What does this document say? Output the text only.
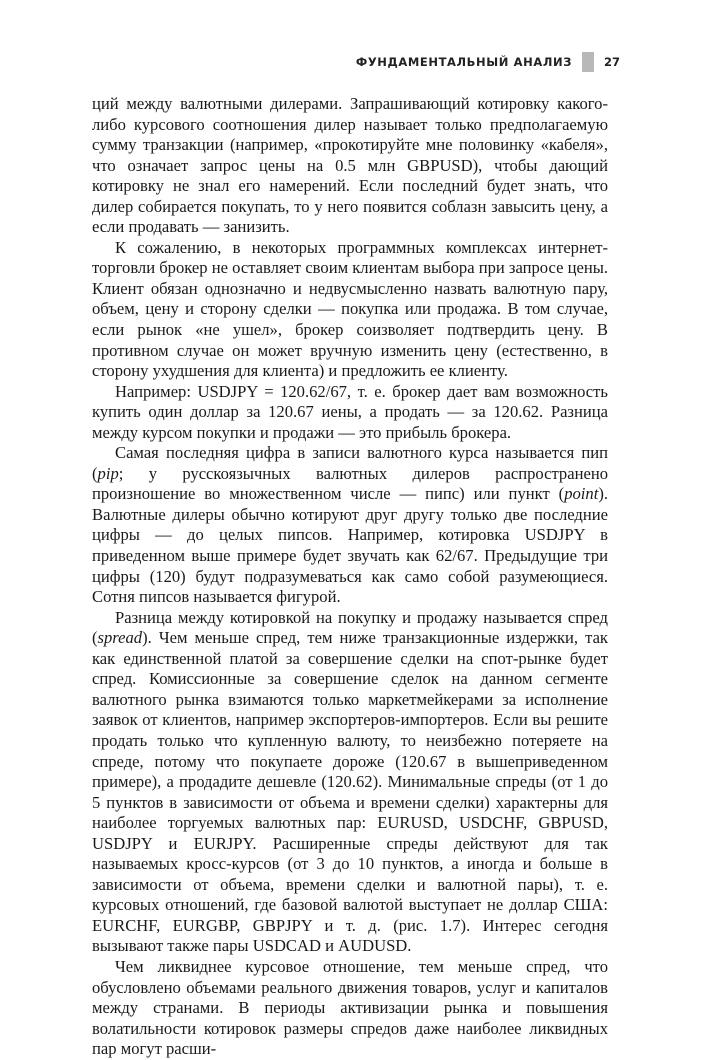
ФУНДАМЕНТАЛЬНЫЙ АНАЛИЗ	27

ций между валютными дилерами. Запрашивающий котировку какого-либо курсового соотношения дилер называет только предполагаемую сумму транзакции (например, «прокотируйте мне половинку «кабеля», что означает запрос цены на 0.5 млн GBPUSD), чтобы дающий котировку не знал его намерений. Если последний будет знать, что дилер собирается покупать, то у него появится соблазн завысить цену, а если продавать — занизить.

К сожалению, в некоторых программных комплексах интернет-торговли брокер не оставляет своим клиентам выбора при запросе цены. Клиент обязан однозначно и недвусмысленно назвать валютную пару, объем, цену и сторону сделки — покупка или продажа. В том случае, если рынок «не ушел», брокер соизволяет подтвердить цену. В противном случае он может вручную изменить цену (естественно, в сторону ухудшения для клиента) и предложить ее клиенту.

Например: USDJPY = 120.62/67, т. е. брокер дает вам возможность купить один доллар за 120.67 иены, а продать — за 120.62. Разница между курсом покупки и продажи — это прибыль брокера.

Самая последняя цифра в записи валютного курса называется пип (pip; у русскоязычных валютных дилеров распространено произношение во множественном числе — пипс) или пункт (point). Валютные дилеры обычно котируют друг другу только две последние цифры — до целых пипсов. Например, котировка USDJPY в приведенном выше примере будет звучать как 62/67. Предыдущие три цифры (120) будут подразумеваться как само собой разумеющиеся. Сотня пипсов называется фигурой.

Разница между котировкой на покупку и продажу называется спред (spread). Чем меньше спред, тем ниже транзакционные издержки, так как единственной платой за совершение сделки на спот-рынке будет спред. Комиссионные за совершение сделок на данном сегменте валютного рынка взимаются только маркетмейкерами за исполнение заявок от клиентов, например экспортеров-импортеров. Если вы решите продать только что купленную валюту, то неизбежно потеряете на спреде, потому что покупаете дороже (120.67 в вышеприведенном примере), а продадите дешевле (120.62). Минимальные спреды (от 1 до 5 пунктов в зависимости от объема и времени сделки) характерны для наиболее торгуемых валютных пар: EURUSD, USDCHF, GBPUSD, USDJPY и EURJPY. Расширенные спреды действуют для так называемых кросс-курсов (от 3 до 10 пунктов, а иногда и больше в зависимости от объема, времени сделки и валютной пары), т. е. курсовых отношений, где базовой валютой выступает не доллар США: EURCHF, EURGBP, GBPJPY и т. д. (рис. 1.7). Интерес сегодня вызывают также пары USDCAD и AUDUSD.

Чем ликвиднее курсовое отношение, тем меньше спред, что обусловлено объемами реального движения товаров, услуг и капиталов между странами. В периоды активизации рынка и повышения волатильности котировок размеры спредов даже наиболее ликвидных пар могут расши-
